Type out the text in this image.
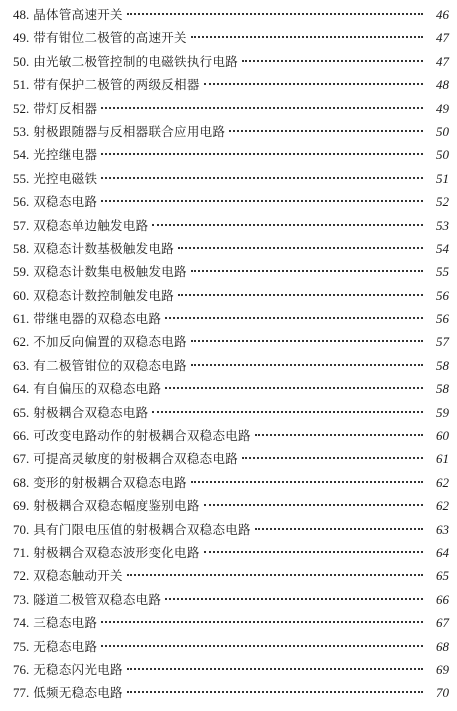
48. 晶体管高速开关	46
49. 带有钳位二极管的高速开关	47
50. 由光敏二极管控制的电磁铁执行电路	47
51. 带有保护二极管的两级反相器	48
52. 带灯反相器	49
53. 射极跟随器与反相器联合应用电路	50
54. 光控继电器	50
55. 光控电磁铁	51
56. 双稳态电路	52
57. 双稳态单边触发电路	53
58. 双稳态计数基极触发电路	54
59. 双稳态计数集电极触发电路	55
60. 双稳态计数控制触发电路	56
61. 带继电器的双稳态电路	56
62. 不加反向偏置的双稳态电路	57
63. 有二极管钳位的双稳态电路	58
64. 有自偏压的双稳态电路	58
65. 射极耦合双稳态电路	59
66. 可改变电路动作的射极耦合双稳态电路	60
67. 可提高灵敏度的射极耦合双稳态电路	61
68. 变形的射极耦合双稳态电路	62
69. 射极耦合双稳态幅度鉴别电路	62
70. 具有门限电压值的射极耦合双稳态电路	63
71. 射极耦合双稳态波形变化电路	64
72. 双稳态触动开关	65
73. 隧道二极管双稳态电路	66
74. 三稳态电路	67
75. 无稳态电路	68
76. 无稳态闪光电路	69
77. 低频无稳态电路	70
